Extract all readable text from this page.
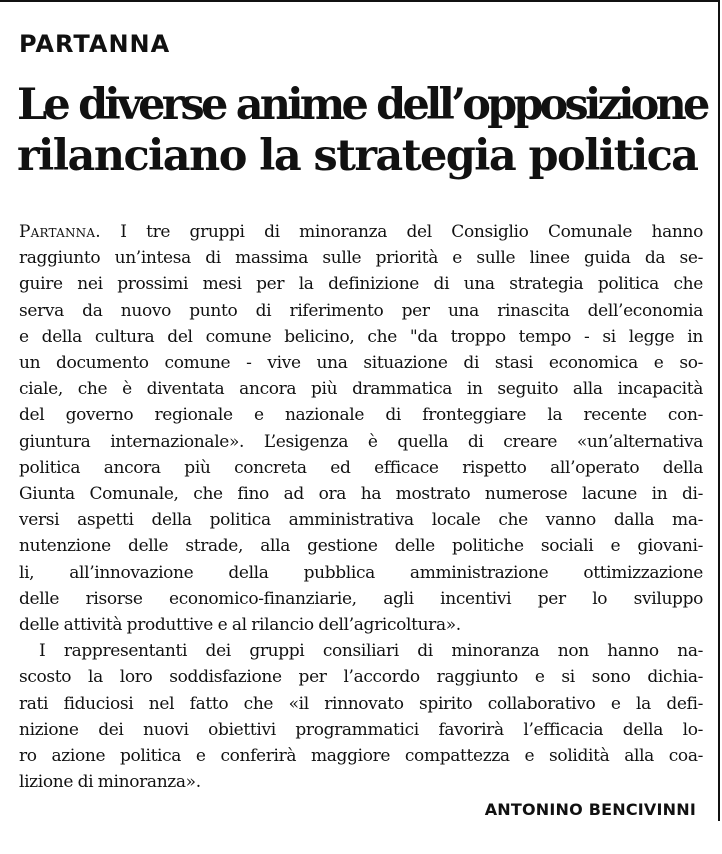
PARTANNA
Le diverse anime dell’opposizione
rilanciano la strategia politica
Partanna. I tre gruppi di minoranza del Consiglio Comunale hanno
raggiunto un’intesa di massima sulle priorità e sulle linee guida da se-
guire nei prossimi mesi per la definizione di una strategia politica che
serva da nuovo punto di riferimento per una rinascita dell’economia
e della cultura del comune belicino, che "da troppo tempo - si legge in
un documento comune - vive una situazione di stasi economica e so-
ciale, che è diventata ancora più drammatica in seguito alla incapacità
del governo regionale e nazionale di fronteggiare la recente con-
giuntura internazionale». L’esigenza è quella di creare «un’alternativa
politica ancora più concreta ed efficace rispetto all’operato della
Giunta Comunale, che fino ad ora ha mostrato numerose lacune in di-
versi aspetti della politica amministrativa locale che vanno dalla ma-
nutenzione delle strade, alla gestione delle politiche sociali e giovani-
li, all’innovazione della pubblica amministrazione ottimizzazione
delle risorse economico-finanziarie, agli incentivi per lo sviluppo
delle attività produttive e al rilancio dell’agricoltura».
I rappresentanti dei gruppi consiliari di minoranza non hanno na-
scosto la loro soddisfazione per l’accordo raggiunto e si sono dichia-
rati fiduciosi nel fatto che «il rinnovato spirito collaborativo e la defi-
nizione dei nuovi obiettivi programmatici favorirà l’efficacia della lo-
ro azione politica e conferirà maggiore compattezza e solidità alla coa-
lizione di minoranza».
ANTONINO BENCIVINNI
